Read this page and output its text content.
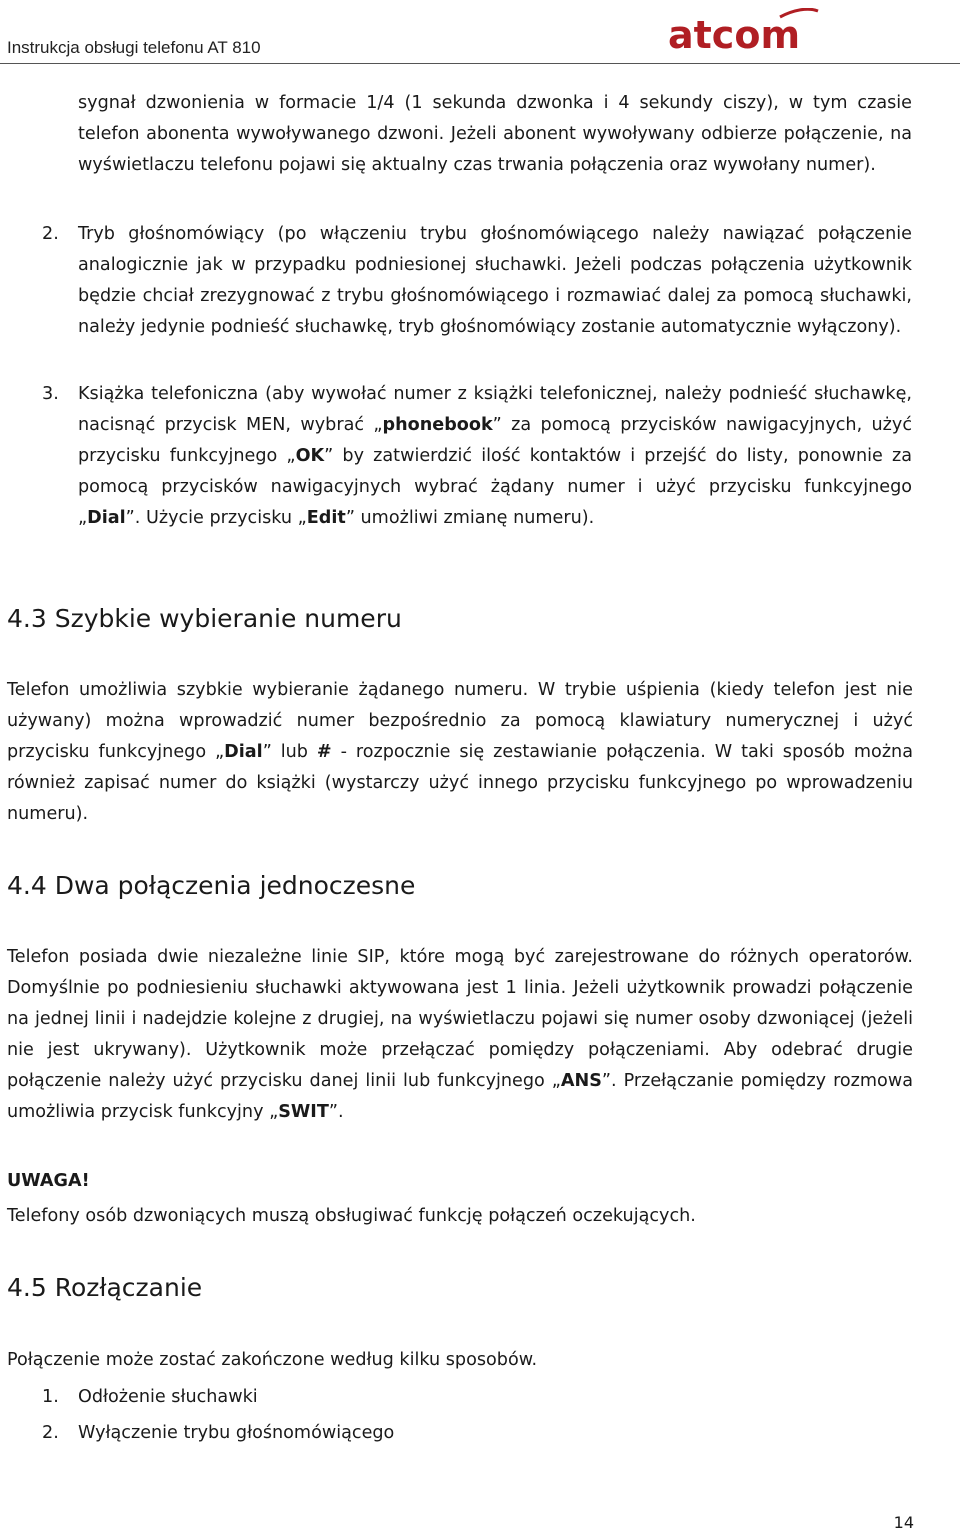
Instrukcja obsługi telefonu AT 810	atcom
sygnał dzwonienia w formacie 1/4 (1 sekunda dzwonka i 4 sekundy ciszy), w tym czasie telefon abonenta wywoływanego dzwoni. Jeżeli abonent wywoływany odbierze połączenie, na wyświetlaczu telefonu pojawi się aktualny czas trwania połączenia oraz wywołany numer).
2. Tryb głośnomówiący (po włączeniu trybu głośnomówiącego należy nawiązać połączenie analogicznie jak w przypadku podniesionej słuchawki. Jeżeli podczas połączenia użytkownik będzie chciał zrezygnować z trybu głośnomówiącego i rozmawiać dalej za pomocą słuchawki, należy jedynie podnieść słuchawkę, tryb głośnomówiący zostanie automatycznie wyłączony).
3. Książka telefoniczna (aby wywołać numer z książki telefonicznej, należy podnieść słuchawkę, nacisnąć przycisk MEN, wybrać „phonebook” za pomocą przycisków nawigacyjnych, użyć przycisku funkcyjnego „OK” by zatwierdzić ilość kontaktów i przejść do listy, ponownie za pomocą przycisków nawigacyjnych wybrać żądany numer i użyć przycisku funkcyjnego „Dial”. Użycie przycisku „Edit” umożliwi zmianę numeru).
4.3 Szybkie wybieranie numeru

Telefon umożliwia szybkie wybieranie żądanego numeru. W trybie uśpienia (kiedy telefon jest nie używany) można wprowadzić numer bezpośrednio za pomocą klawiatury numerycznej i użyć przycisku funkcyjnego „Dial” lub # - rozpocznie się zestawianie połączenia. W taki sposób można również zapisać numer do książki (wystarczy użyć innego przycisku funkcyjnego po wprowadzeniu numeru).

4.4 Dwa połączenia jednoczesne

Telefon posiada dwie niezależne linie SIP, które mogą być zarejestrowane do różnych operatorów. Domyślnie po podniesieniu słuchawki aktywowana jest 1 linia. Jeżeli użytkownik prowadzi połączenie na jednej linii i nadejdzie kolejne z drugiej, na wyświetlaczu pojawi się numer osoby dzwoniącej (jeżeli nie jest ukrywany). Użytkownik może przełączać pomiędzy połączeniami. Aby odebrać drugie połączenie należy użyć przycisku danej linii lub funkcyjnego „ANS”. Przełączanie pomiędzy rozmowa umożliwia przycisk funkcyjny „SWIT”.

UWAGA!

Telefony osób dzwoniących muszą obsługiwać funkcję połączeń oczekujących.

4.5 Rozłączanie

Połączenie może zostać zakończone według kilku sposobów.

1. Odłożenie słuchawki
2. Wyłączenie trybu głośnomówiącego
14
